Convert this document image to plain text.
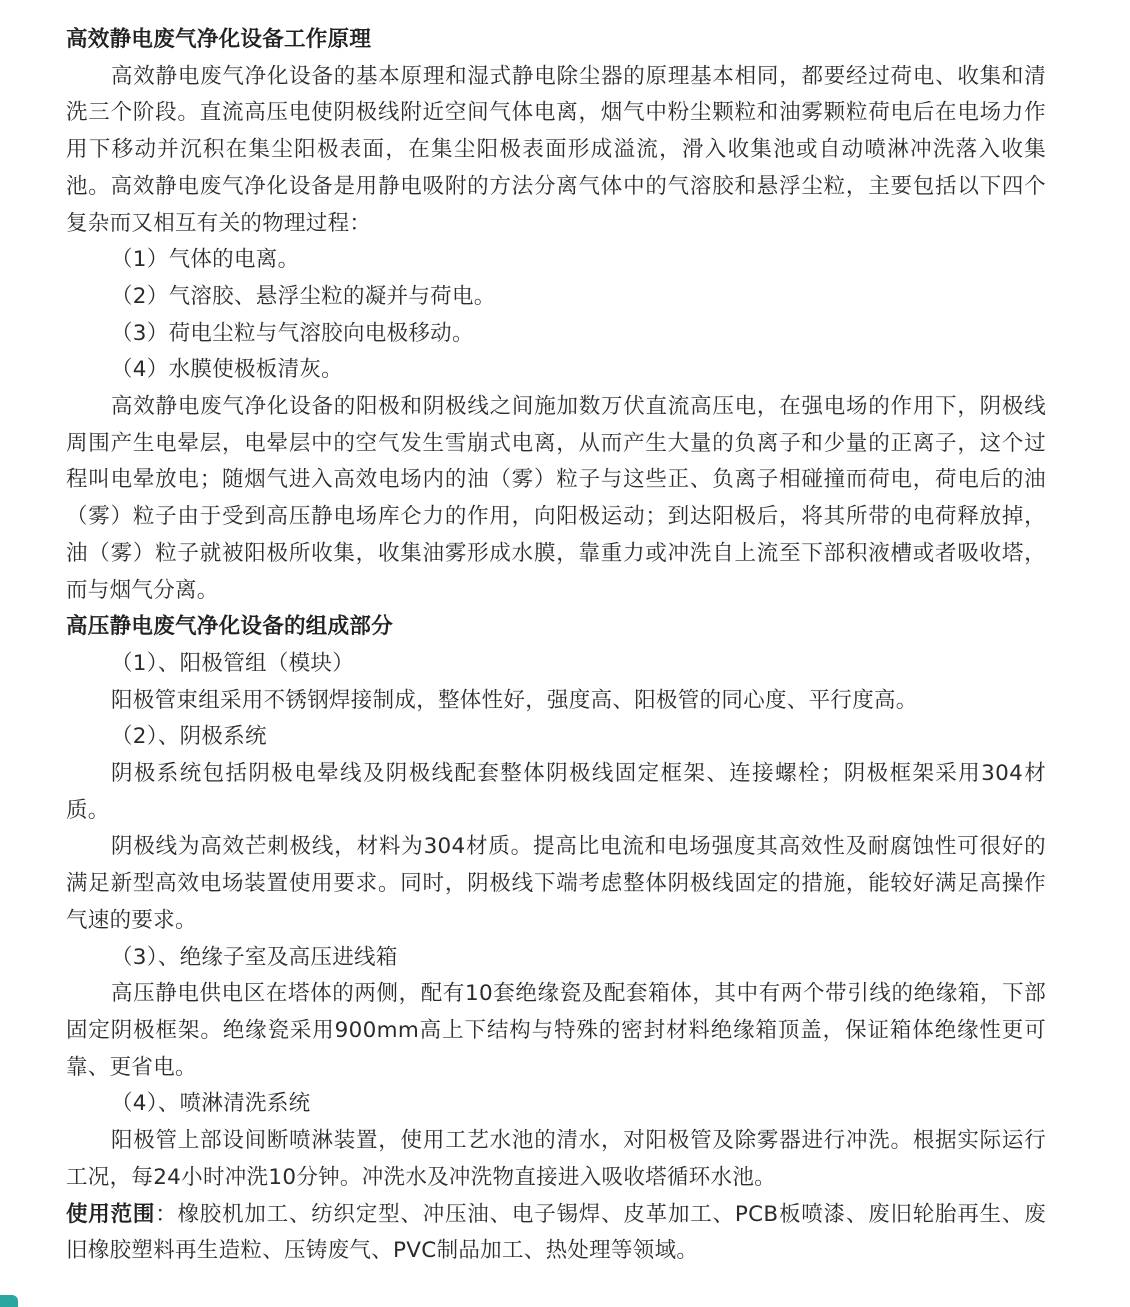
高效静电废气净化设备工作原理

高效静电废气净化设备的基本原理和湿式静电除尘器的原理基本相同，都要经过荷电、收集和清洗三个阶段。直流高压电使阴极线附近空间气体电离，烟气中粉尘颗粒和油雾颗粒荷电后在电场力作用下移动并沉积在集尘阳极表面，在集尘阳极表面形成溢流，滑入收集池或自动喷淋冲洗落入收集池。高效静电废气净化设备是用静电吸附的方法分离气体中的气溶胶和悬浮尘粒，主要包括以下四个复杂而又相互有关的物理过程：

（1）气体的电离。

（2）气溶胶、悬浮尘粒的凝并与荷电。

（3）荷电尘粒与气溶胶向电极移动。

（4）水膜使极板清灰。

高效静电废气净化设备的阳极和阴极线之间施加数万伏直流高压电，在强电场的作用下，阴极线周围产生电晕层，电晕层中的空气发生雪崩式电离，从而产生大量的负离子和少量的正离子，这个过程叫电晕放电；随烟气进入高效电场内的油（雾）粒子与这些正、负离子相碰撞而荷电，荷电后的油（雾）粒子由于受到高压静电场库仑力的作用，向阳极运动；到达阳极后，将其所带的电荷释放掉，油（雾）粒子就被阳极所收集，收集油雾形成水膜，靠重力或冲洗自上流至下部积液槽或者吸收塔，而与烟气分离。

高压静电废气净化设备的组成部分

（1）、阳极管组（模块）

阳极管束组采用不锈钢焊接制成，整体性好，强度高、阳极管的同心度、平行度高。

（2）、阴极系统

阴极系统包括阴极电晕线及阴极线配套整体阴极线固定框架、连接螺栓；阴极框架采用304材质。

阴极线为高效芒刺极线，材料为304材质。提高比电流和电场强度其高效性及耐腐蚀性可很好的满足新型高效电场装置使用要求。同时，阴极线下端考虑整体阴极线固定的措施，能较好满足高操作气速的要求。

（3）、绝缘子室及高压进线箱

高压静电供电区在塔体的两侧，配有10套绝缘瓷及配套箱体，其中有两个带引线的绝缘箱，下部固定阴极框架。绝缘瓷采用900mm高上下结构与特殊的密封材料绝缘箱顶盖，保证箱体绝缘性更可靠、更省电。

（4）、喷淋清洗系统

阳极管上部设间断喷淋装置，使用工艺水池的清水，对阳极管及除雾器进行冲洗。根据实际运行工况，每24小时冲洗10分钟。冲洗水及冲洗物直接进入吸收塔循环水池。

使用范围：橡胶机加工、纺织定型、冲压油、电子锡焊、皮革加工、PCB板喷漆、废旧轮胎再生、废旧橡胶塑料再生造粒、压铸废气、PVC制品加工、热处理等领域。
